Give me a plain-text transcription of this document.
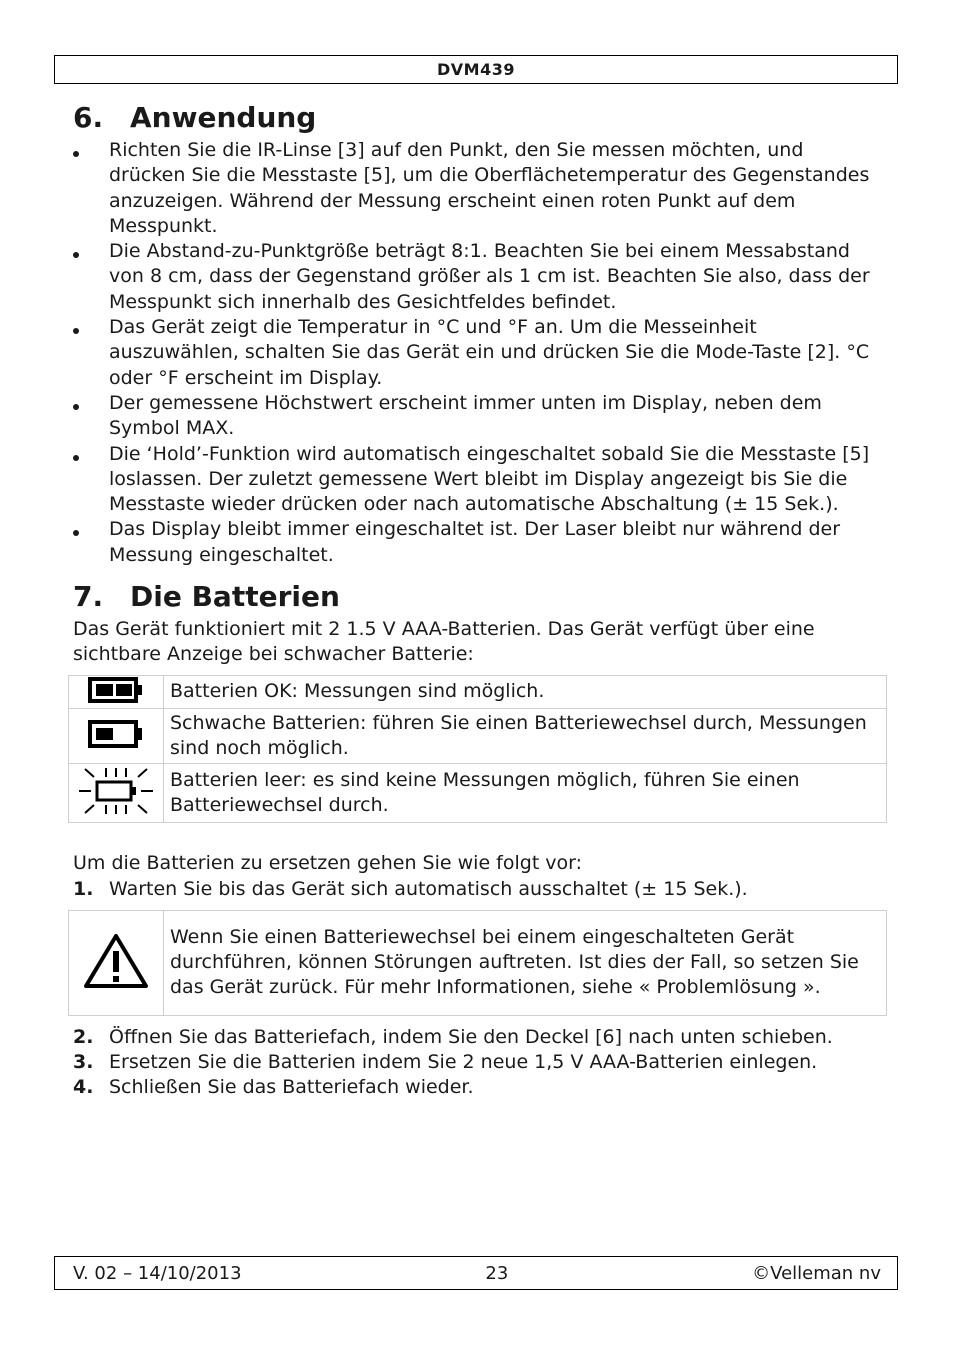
DVM439
6. Anwendung
Richten Sie die IR-Linse [3] auf den Punkt, den Sie messen möchten, und drücken Sie die Messtaste [5], um die Oberflächetemperatur des Gegenstandes anzuzeigen. Während der Messung erscheint einen roten Punkt auf dem Messpunkt.
Die Abstand-zu-Punktgröße beträgt 8:1. Beachten Sie bei einem Messabstand von 8 cm, dass der Gegenstand größer als 1 cm ist. Beachten Sie also, dass der Messpunkt sich innerhalb des Gesichtfeldes befindet.
Das Gerät zeigt die Temperatur in °C und °F an. Um die Messeinheit auszuwählen, schalten Sie das Gerät ein und drücken Sie die Mode-Taste [2]. °C oder °F erscheint im Display.
Der gemessene Höchstwert erscheint immer unten im Display, neben dem Symbol MAX.
Die ‘Hold’-Funktion wird automatisch eingeschaltet sobald Sie die Messtaste [5] loslassen. Der zuletzt gemessene Wert bleibt im Display angezeigt bis Sie die Messtaste wieder drücken oder nach automatische Abschaltung (± 15 Sek.).
Das Display bleibt immer eingeschaltet ist. Der Laser bleibt nur während der Messung eingeschaltet.
7. Die Batterien
Das Gerät funktioniert mit 2 1.5 V AAA-Batterien. Das Gerät verfügt über eine sichtbare Anzeige bei schwacher Batterie:
	Batterien OK: Messungen sind möglich.
	Schwache Batterien: führen Sie einen Batteriewechsel durch, Messungen sind noch möglich.
	Batterien leer: es sind keine Messungen möglich, führen Sie einen Batteriewechsel durch.
Um die Batterien zu ersetzen gehen Sie wie folgt vor:
1. Warten Sie bis das Gerät sich automatisch ausschaltet (± 15 Sek.).
	Wenn Sie einen Batteriewechsel bei einem eingeschalteten Gerät durchführen, können Störungen auftreten. Ist dies der Fall, so setzen Sie das Gerät zurück. Für mehr Informationen, siehe « Problemlösung ».
2. Öffnen Sie das Batteriefach, indem Sie den Deckel [6] nach unten schieben.
3. Ersetzen Sie die Batterien indem Sie 2 neue 1,5 V AAA-Batterien einlegen.
4. Schließen Sie das Batteriefach wieder.
V. 02 – 14/10/2013	23	©Velleman nv
